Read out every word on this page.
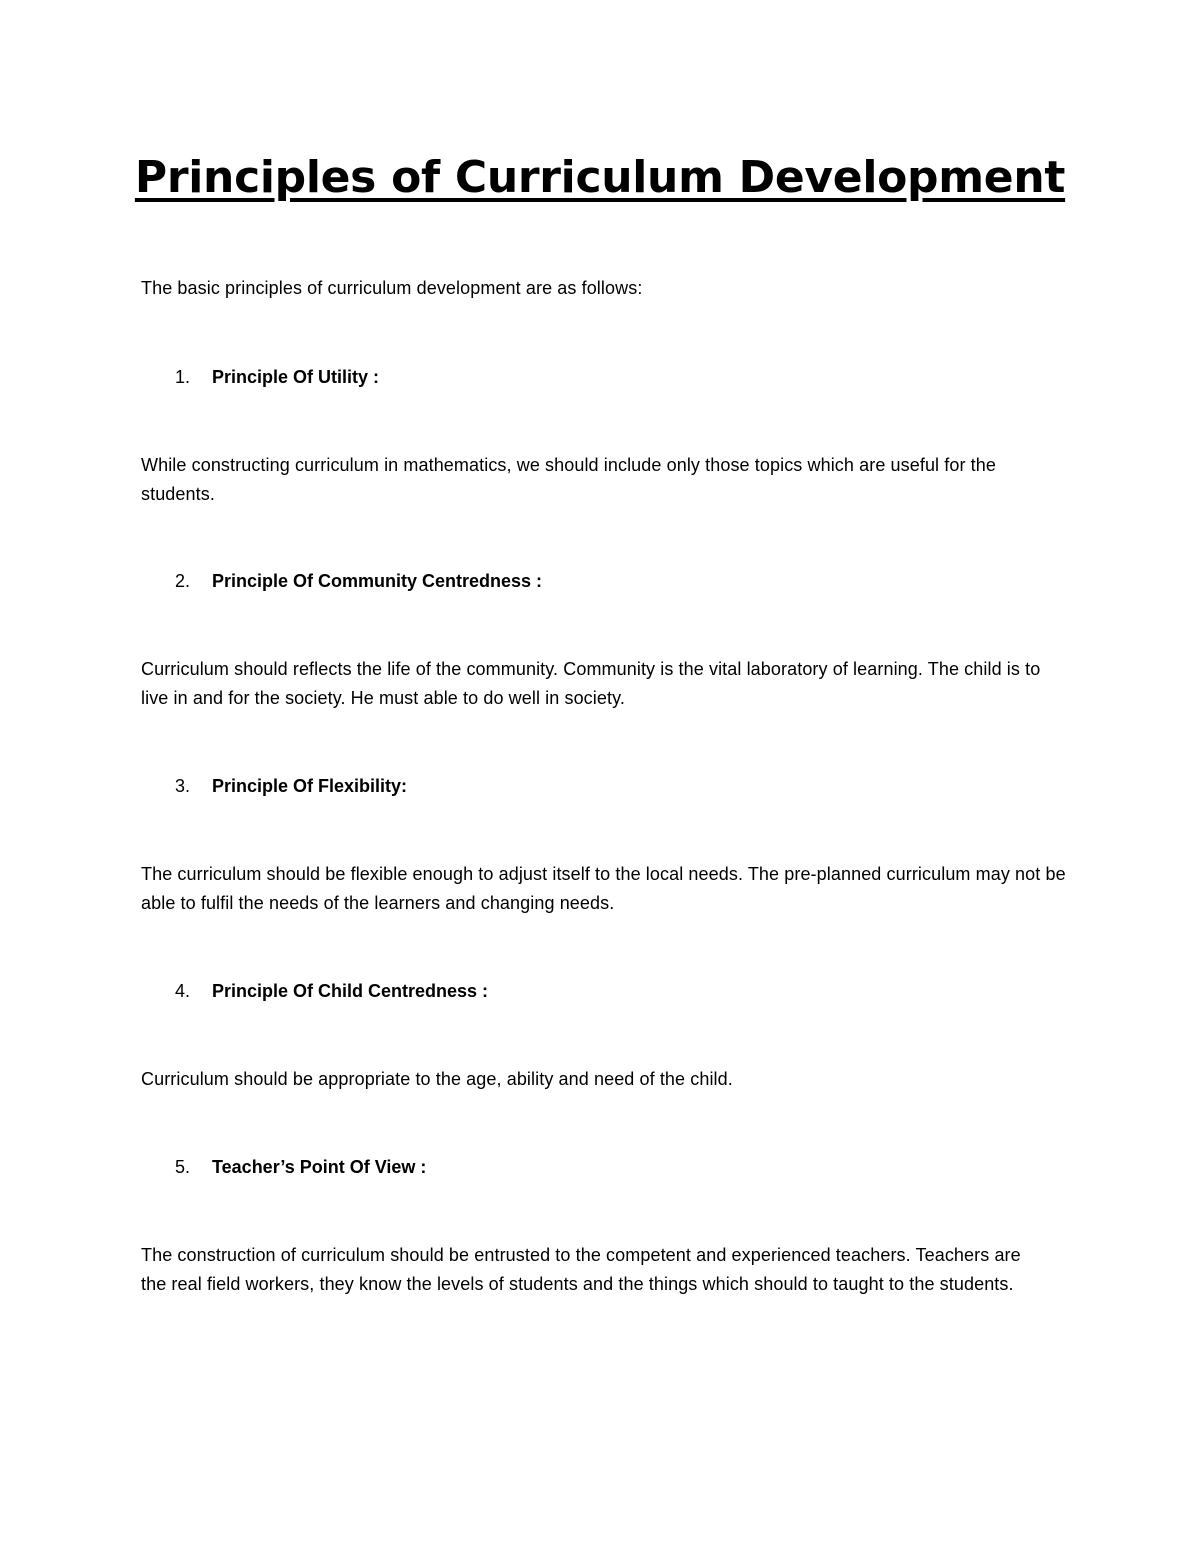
Principles of Curriculum Development

The basic principles of curriculum development are as follows:

1. Principle Of Utility :

While constructing curriculum in mathematics, we should include only those topics which are useful for the students.

2. Principle Of Community Centredness :

Curriculum should reflects the life of the community. Community is the vital laboratory of learning. The child is to live in and for the society. He must able to do well in society.

3. Principle Of Flexibility:

The curriculum should be flexible enough to adjust itself to the local needs. The pre-planned curriculum may not be able to fulfil the needs of the learners and changing needs.

4. Principle Of Child Centredness :

Curriculum should be appropriate to the age, ability and need of the child.

5. Teacher’s Point Of View :

The construction of curriculum should be entrusted to the competent and experienced teachers. Teachers are the real field workers, they know the levels of students and the things which should to taught to the students.
